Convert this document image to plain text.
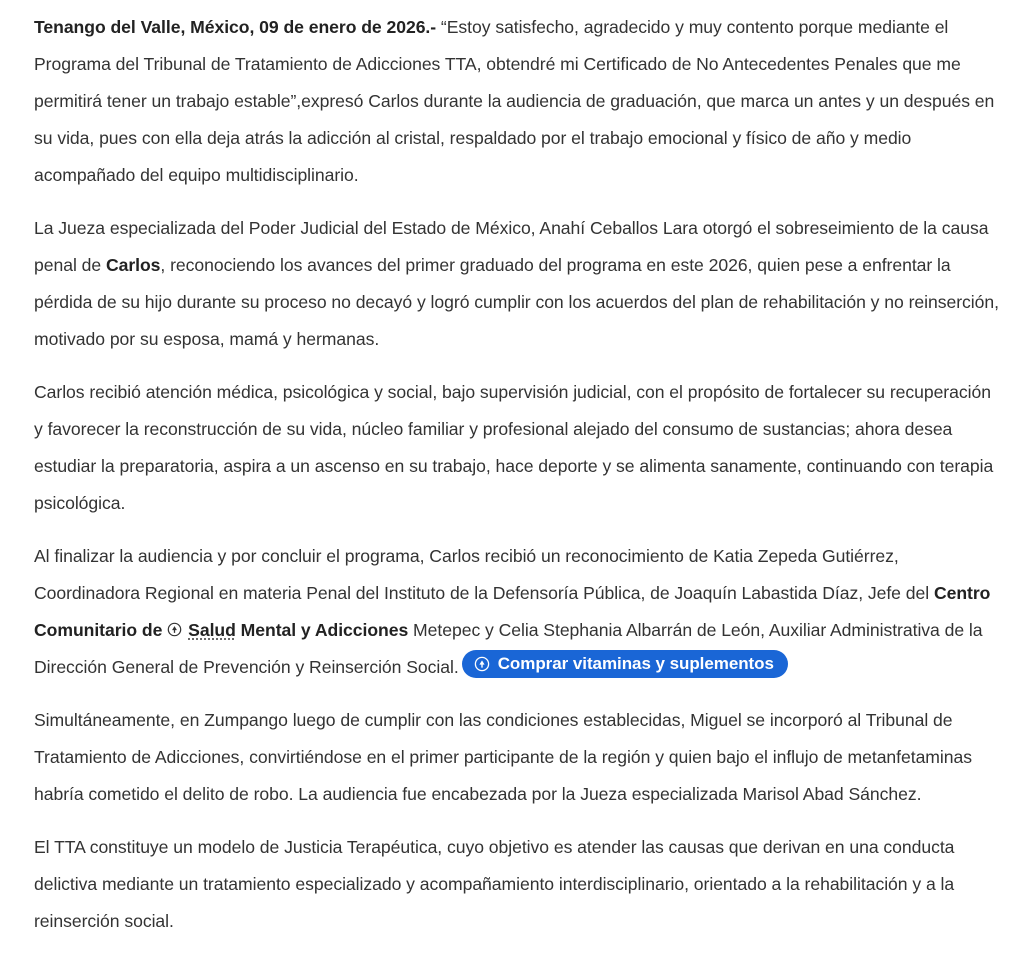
Tenango del Valle, México, 09 de enero de 2026.- “Estoy satisfecho, agradecido y muy contento porque mediante el Programa del Tribunal de Tratamiento de Adicciones TTA, obtendré mi Certificado de No Antecedentes Penales que me permitirá tener un trabajo estable”,expresó Carlos durante la audiencia de graduación, que marca un antes y un después en su vida, pues con ella deja atrás la adicción al cristal, respaldado por el trabajo emocional y físico de año y medio acompañado del equipo multidisciplinario.

La Jueza especializada del Poder Judicial del Estado de México, Anahí Ceballos Lara otorgó el sobreseimiento de la causa penal de Carlos, reconociendo los avances del primer graduado del programa en este 2026, quien pese a enfrentar la pérdida de su hijo durante su proceso no decayó y logró cumplir con los acuerdos del plan de rehabilitación y no reinserción, motivado por su esposa, mamá y hermanas.

Carlos recibió atención médica, psicológica y social, bajo supervisión judicial, con el propósito de fortalecer su recuperación y favorecer la reconstrucción de su vida, núcleo familiar y profesional alejado del consumo de sustancias; ahora desea estudiar la preparatoria, aspira a un ascenso en su trabajo, hace deporte y se alimenta sanamente, continuando con terapia psicológica.

Al finalizar la audiencia y por concluir el programa, Carlos recibió un reconocimiento de Katia Zepeda Gutiérrez, Coordinadora Regional en materia Penal del Instituto de la Defensoría Pública, de Joaquín Labastida Díaz, Jefe del Centro Comunitario de Salud Mental y Adicciones Metepec y Celia Stephania Albarrán de León, Auxiliar Administrativa de la Dirección General de Prevención y Reinserción Social. Comprar vitaminas y suplementos

Simultáneamente, en Zumpango luego de cumplir con las condiciones establecidas, Miguel se incorporó al Tribunal de Tratamiento de Adicciones, convirtiéndose en el primer participante de la región y quien bajo el influjo de metanfetaminas habría cometido el delito de robo. La audiencia fue encabezada por la Jueza especializada Marisol Abad Sánchez.

El TTA constituye un modelo de Justicia Terapéutica, cuyo objetivo es atender las causas que derivan en una conducta delictiva mediante un tratamiento especializado y acompañamiento interdisciplinario, orientado a la rehabilitación y a la reinserción social.
